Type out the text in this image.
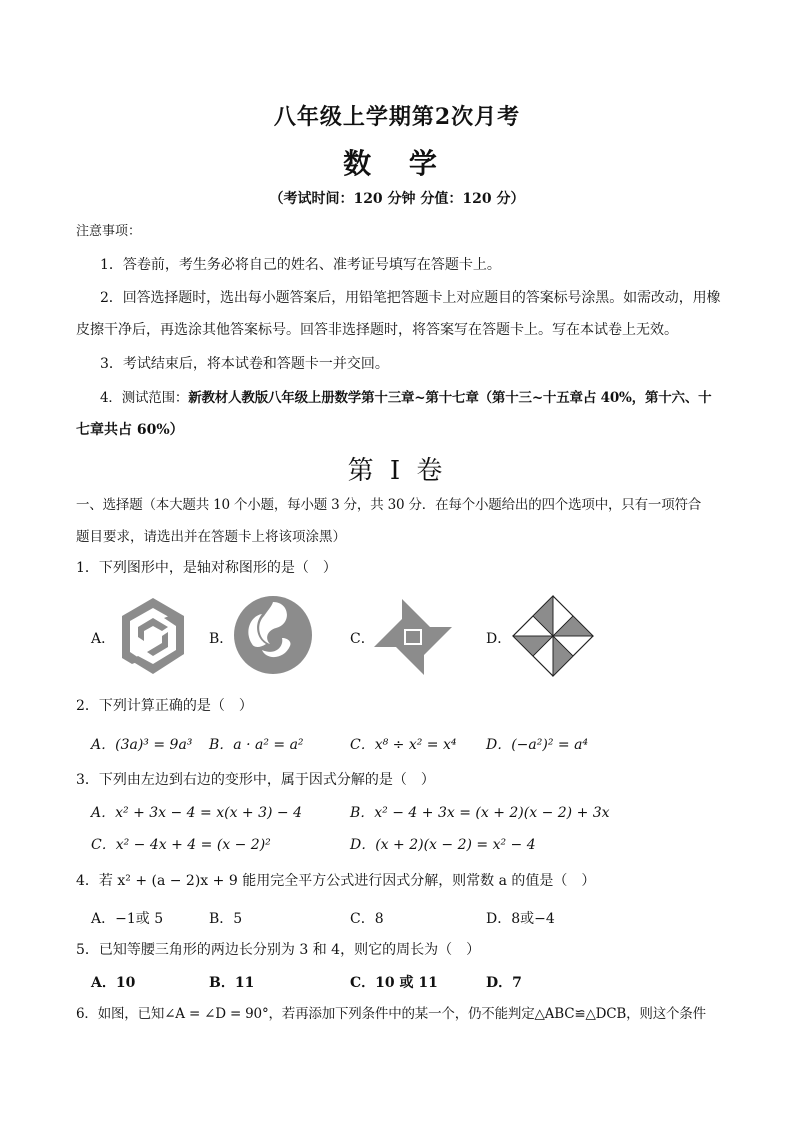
八年级上学期第2次月考
数 学
（考试时间：120 分钟 分值：120 分）
注意事项：
1．答卷前，考生务必将自己的姓名、准考证号填写在答题卡上。
2．回答选择题时，选出每小题答案后，用铅笔把答题卡上对应题目的答案标号涂黑。如需改动，用橡
皮擦干净后，再选涂其他答案标号。回答非选择题时，将答案写在答题卡上。写在本试卷上无效。
3．考试结束后，将本试卷和答题卡一并交回。
4．测试范围：新教材人教版八年级上册数学第十三章~第十七章（第十三~十五章占 40%，第十六、十
七章共占 60%）
第 I 卷
一、选择题（本大题共 10 个小题，每小题 3 分，共 30 分．在每个小题给出的四个选项中，只有一项符合
题目要求，请选出并在答题卡上将该项涂黑）
1．下列图形中，是轴对称图形的是（　）
A．	B．	C．	D．
2．下列计算正确的是（　）
A．(3a)³ = 9a³ B．a · a² = a²	C．x⁸ ÷ x² = x⁴ D．(−a²)² = a⁴
3．下列由左边到右边的变形中，属于因式分解的是（　）
A．x² + 3x − 4 = x(x + 3) − 4	B．x² − 4 + 3x = (x + 2)(x − 2) + 3x
C．x² − 4x + 4 = (x − 2)²	D．(x + 2)(x − 2) = x² − 4
4．若 x² + (a − 2)x + 9 能用完全平方公式进行因式分解，则常数 a 的值是（　）
A．−1或 5	B．5	C．8	D．8或−4
5．已知等腰三角形的两边长分别为 3 和 4，则它的周长为（　）
A．10	B．11	C．10 或 11	D．7
6．如图，已知∠A = ∠D = 90°，若再添加下列条件中的某一个，仍不能判定△ABC≌△DCB，则这个条件
